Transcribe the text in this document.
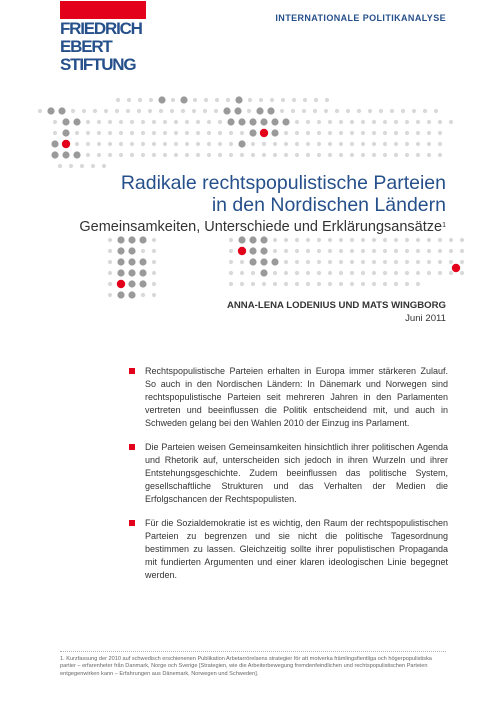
FRIEDRICH
EBERT
STIFTUNG
INTERNATIONALE POLITIKANALYSE
Radikale rechtspopulistische Parteien
in den Nordischen Ländern
Gemeinsamkeiten, Unterschiede und Erklärungsansätze$^1$
ANNA-LENA LODENIUS UND MATS WINGBORG
Juni 2011
Rechtspopulistische Parteien erhalten in Europa immer stärkeren Zulauf. So auch in den Nordischen Ländern: In Dänemark und Norwegen sind rechtspopulistische Parteien seit mehreren Jahren in den Parlamenten vertreten und beeinflussen die Politik entscheidend mit, und auch in Schweden gelang bei den Wahlen 2010 der Einzug ins Parlament.
Die Parteien weisen Gemeinsamkeiten hinsichtlich ihrer politischen Agenda und Rhetorik auf, unterscheiden sich jedoch in ihren Wurzeln und ihrer Entstehungsgeschichte. Zudem beeinflussen das politische System, gesellschaftliche Strukturen und das Verhalten der Medien die Erfolgschancen der Rechtspopulisten.
Für die Sozialdemokratie ist es wichtig, den Raum der rechtspopulistischen Parteien zu begrenzen und sie nicht die politische Tagesordnung bestimmen zu lassen. Gleichzeitig sollte ihrer populistischen Propaganda mit fundierten Argumenten und einer klaren ideologischen Linie begegnet werden.
1. Kurzfassung der 2010 auf schwedisch erschienenen Publikation Arbetarrörelsens strategier för att motverka främlingsfientliga och högerpopulistiska partier – erfarenheter från Danmark, Norge och Sverige [Strategien, wie die Arbeiterbewegung fremdenfeindlichen und rechtspopulistischen Parteien entgegenwirken kann – Erfahrungen aus Dänemark, Norwegen und Schweden].
